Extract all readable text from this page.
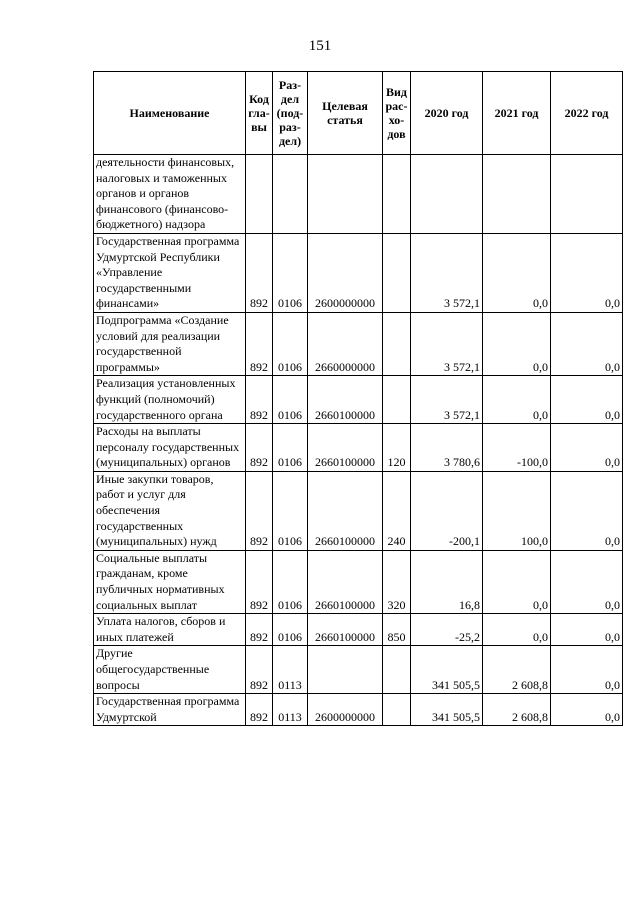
151
Наименование	Код
гла-
вы	Раз-
дел
(под-
раз-
дел)	Целевая
статья	Вид
рас-
хо-
дов	2020 год	2021 год	2022 год
деятельности финансовых, налоговых и таможенных органов и органов финансового (финансово-бюджетного) надзора							
Государственная программа Удмуртской Республики «Управление государственными финансами»	892	0106	2600000000		3 572,1	0,0	0,0
Подпрограмма «Создание условий для реализации государственной программы»	892	0106	2660000000		3 572,1	0,0	0,0
Реализация установленных функций (полномочий) государственного органа	892	0106	2660100000		3 572,1	0,0	0,0
Расходы на выплаты персоналу государственных (муниципальных) органов	892	0106	2660100000	120	3 780,6	-100,0	0,0
Иные закупки товаров, работ и услуг для обеспечения государственных (муниципальных) нужд	892	0106	2660100000	240	-200,1	100,0	0,0
Социальные выплаты гражданам, кроме публичных нормативных социальных выплат	892	0106	2660100000	320	16,8	0,0	0,0
Уплата налогов, сборов и иных платежей	892	0106	2660100000	850	-25,2	0,0	0,0
Другие общегосударственные вопросы	892	0113			341 505,5	2 608,8	0,0
Государственная программа Удмуртской	892	0113	2600000000		341 505,5	2 608,8	0,0
